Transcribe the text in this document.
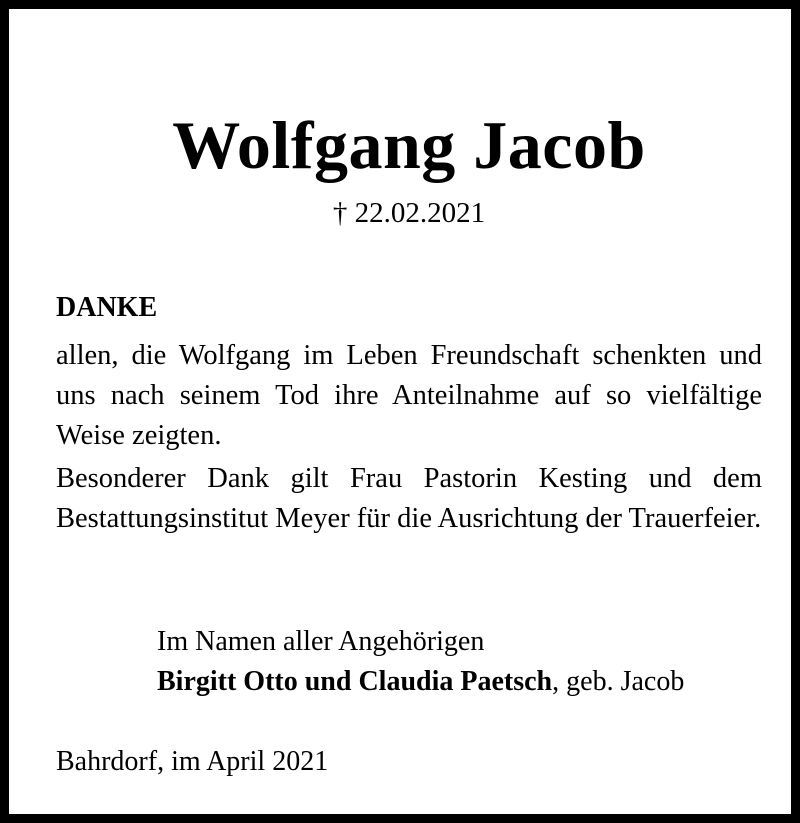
Wolfgang Jacob
† 22.02.2021
DANKE

allen, die Wolfgang im Leben Freundschaft schenkten und uns nach seinem Tod ihre Anteilnahme auf so vielfältige Weise zeigten.

Besonderer Dank gilt Frau Pastorin Kesting und dem Bestattungsinstitut Meyer für die Ausrichtung der Trauerfeier.

Im Namen aller Angehörigen
Birgitt Otto und Claudia Paetsch, geb. Jacob
Bahrdorf, im April 2021
